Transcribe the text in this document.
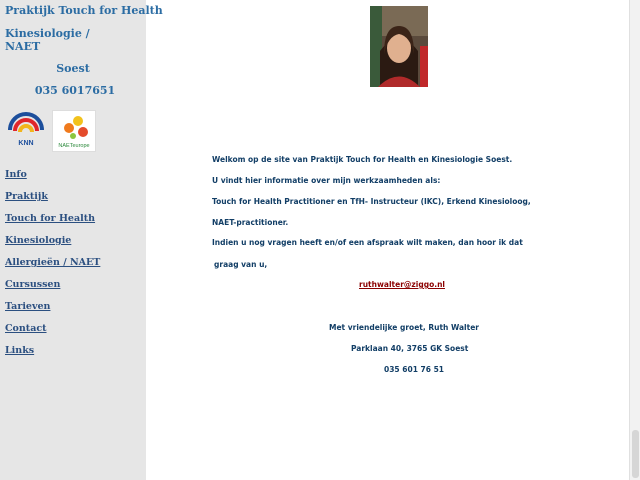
Praktijk Touch for Health
Kinesiologie /
NAET
Soest
035 6017651
KNN	NAETeurope
Info
Praktijk
Touch for Health
Kinesiologie
Allergieën / NAET
Cursussen
Tarieven
Contact
Links

Welkom op de site van Praktijk Touch for Health en Kinesiologie Soest.

U vindt hier informatie over mijn werkzaamheden als:

Touch for Health Practitioner en TfH- Instructeur (IKC), Erkend Kinesioloog,

NAET-practitioner.

Indien u nog vragen heeft en/of een afspraak wilt maken, dan hoor ik dat

graag van u,

ruthwalter@ziggo.nl

Met vriendelijke groet, Ruth Walter

Parklaan 40, 3765 GK Soest

035 601 76 51
